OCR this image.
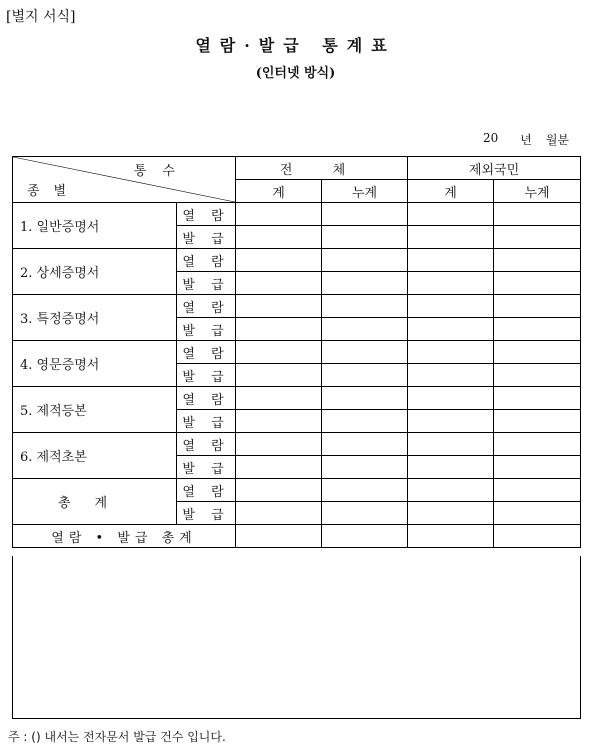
[별지 서식]
열람·발급 통계표
(인터넷 방식)
20 년 월분
통수
종별		전 체		제외국민	
		계	누계	계	누계
1. 일반증명서	열 람				
	발 급				
2. 상세증명서	열 람				
	발 급				
3. 특정증명서	열 람				
	발 급				
4. 영문증명서	열 람				
	발 급				
5. 제적등본	열 람				
	발 급				
6. 제적초본	열 람				
	발 급				
총계	열 람				
	발 급				
열람 • 발급 총계					
주 : () 내서는 전자문서 발급 건수 입니다.
